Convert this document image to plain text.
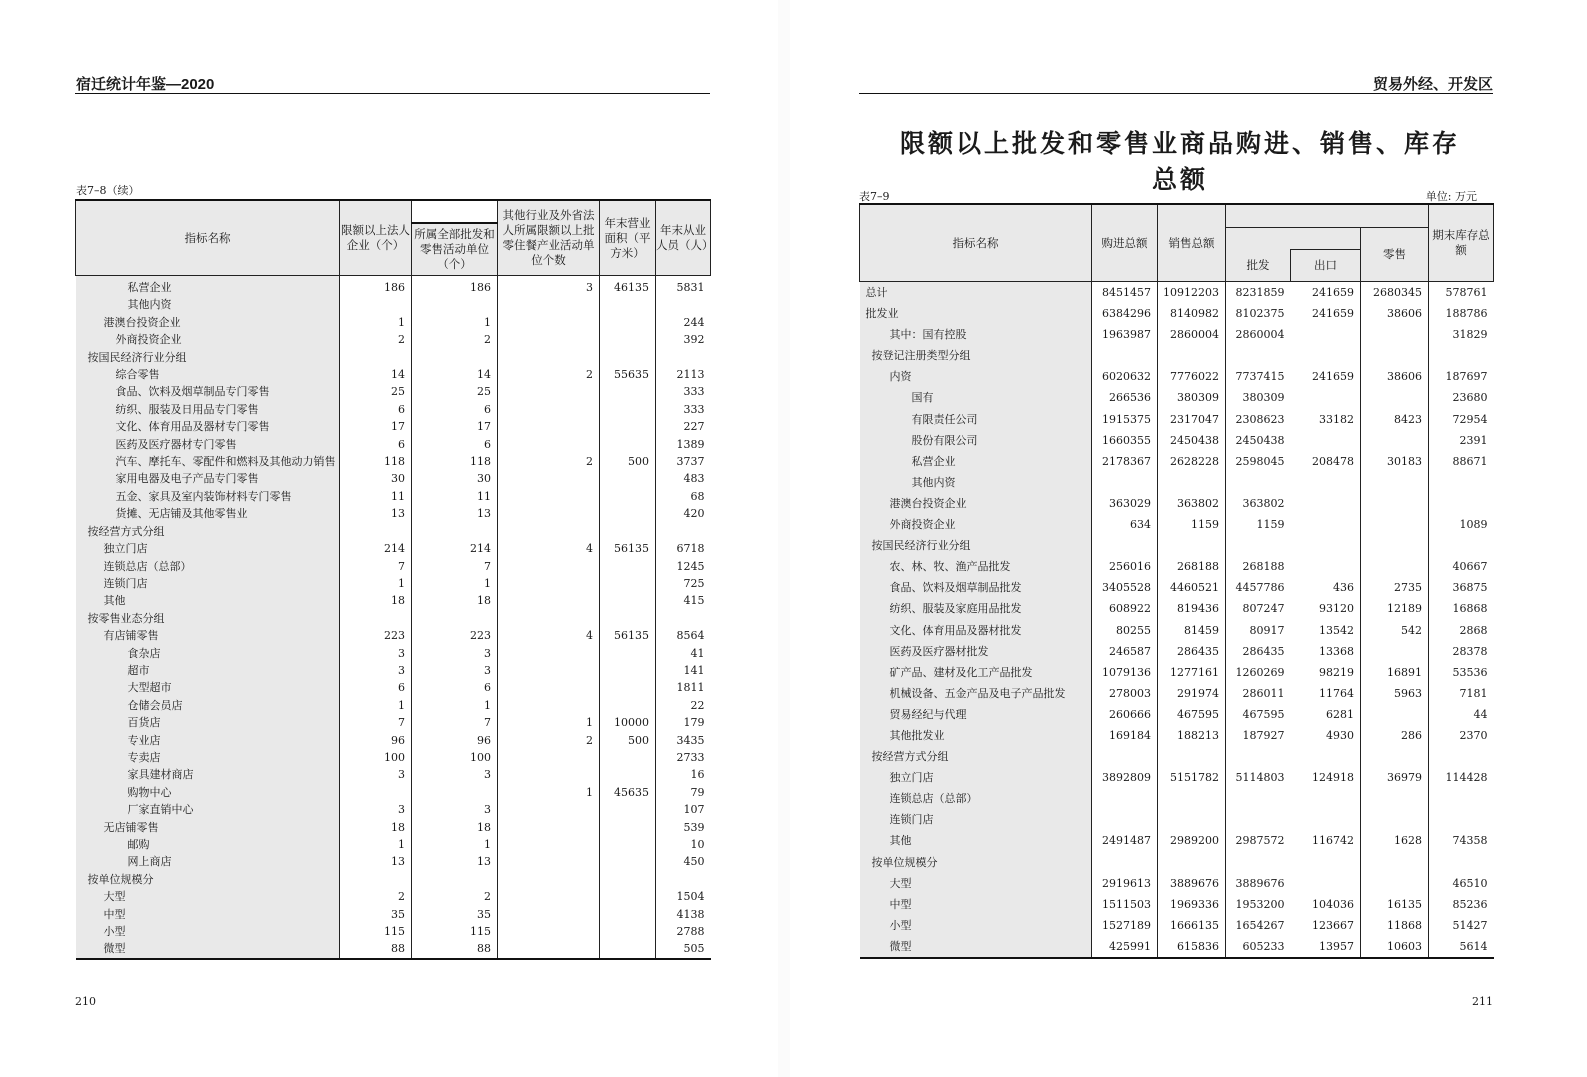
宿迁统计年鉴—2020
表7–8（续）
指标名称	限额以上法人企业（个）		其他行业及外省法人所属限额以上批零住餐产业活动单位个数	年末营业面积（平方米）	年末从业人员（人）
		所属全部批发和零售活动单位（个）			
私营企业	186	186	3	46135	5831
其他内资					
港澳台投资企业	1	1			244
外商投资企业	2	2			392
按国民经济行业分组					
综合零售	14	14	2	55635	2113
食品、饮料及烟草制品专门零售	25	25			333
纺织、服装及日用品专门零售	6	6			333
文化、体育用品及器材专门零售	17	17			227
医药及医疗器材专门零售	6	6			1389
汽车、摩托车、零配件和燃料及其他动力销售	118	118	2	500	3737
家用电器及电子产品专门零售	30	30			483
五金、家具及室内装饰材料专门零售	11	11			68
货摊、无店铺及其他零售业	13	13			420
按经营方式分组					
独立门店	214	214	4	56135	6718
连锁总店（总部）	7	7			1245
连锁门店	1	1			725
其他	18	18			415
按零售业态分组					
有店铺零售	223	223	4	56135	8564
食杂店	3	3			41
超市	3	3			141
大型超市	6	6			1811
仓储会员店	1	1			22
百货店	7	7	1	10000	179
专业店	96	96	2	500	3435
专卖店	100	100			2733
家具建材商店	3	3			16
购物中心			1	45635	79
厂家直销中心	3	3			107
无店铺零售	18	18			539
邮购	1	1			10
网上商店	13	13			450
按单位规模分					
大型	2	2			1504
中型	35	35			4138
小型	115	115			2788
微型	88	88			505
210
贸易外经、开发区
限额以上批发和零售业商品购进、销售、库存总额
表7–9	单位: 万元
指标名称	购进总额	销售总额				期末库存总额
					零售	
			批发	出口		
总计	8451457	10912203	8231859	241659	2680345	578761
批发业	6384296	8140982	8102375	241659	38606	188786
其中：国有控股	1963987	2860004	2860004			31829
按登记注册类型分组						
内资	6020632	7776022	7737415	241659	38606	187697
国有	266536	380309	380309			23680
有限责任公司	1915375	2317047	2308623	33182	8423	72954
股份有限公司	1660355	2450438	2450438			2391
私营企业	2178367	2628228	2598045	208478	30183	88671
其他内资						
港澳台投资企业	363029	363802	363802			
外商投资企业	634	1159	1159			1089
按国民经济行业分组						
农、林、牧、渔产品批发	256016	268188	268188			40667
食品、饮料及烟草制品批发	3405528	4460521	4457786	436	2735	36875
纺织、服装及家庭用品批发	608922	819436	807247	93120	12189	16868
文化、体育用品及器材批发	80255	81459	80917	13542	542	2868
医药及医疗器材批发	246587	286435	286435	13368		28378
矿产品、建材及化工产品批发	1079136	1277161	1260269	98219	16891	53536
机械设备、五金产品及电子产品批发	278003	291974	286011	11764	5963	7181
贸易经纪与代理	260666	467595	467595	6281		44
其他批发业	169184	188213	187927	4930	286	2370
按经营方式分组						
独立门店	3892809	5151782	5114803	124918	36979	114428
连锁总店（总部）						
连锁门店						
其他	2491487	2989200	2987572	116742	1628	74358
按单位规模分						
大型	2919613	3889676	3889676			46510
中型	1511503	1969336	1953200	104036	16135	85236
小型	1527189	1666135	1654267	123667	11868	51427
微型	425991	615836	605233	13957	10603	5614
211
